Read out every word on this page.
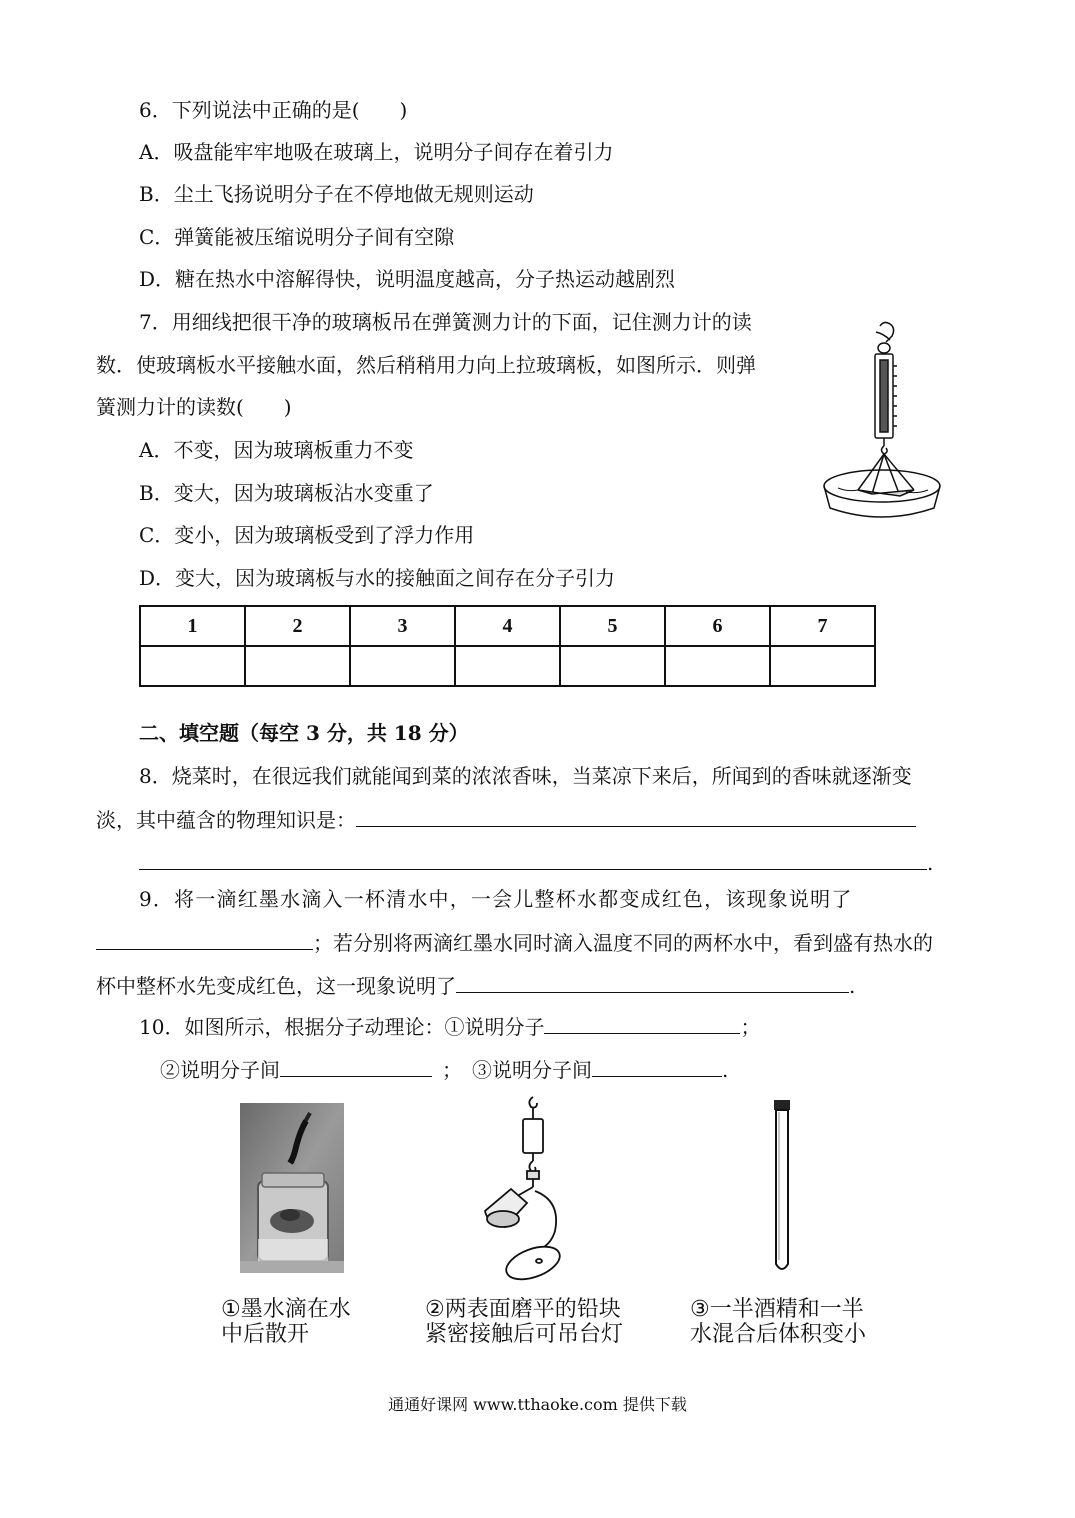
6．下列说法中正确的是(　　)
A．吸盘能牢牢地吸在玻璃上，说明分子间存在着引力
B．尘土飞扬说明分子在不停地做无规则运动
C．弹簧能被压缩说明分子间有空隙
D．糖在热水中溶解得快，说明温度越高，分子热运动越剧烈
7．用细线把很干净的玻璃板吊在弹簧测力计的下面，记住测力计的读
数．使玻璃板水平接触水面，然后稍稍用力向上拉玻璃板，如图所示．则弹
簧测力计的读数(　　)
A．不变，因为玻璃板重力不变
B．变大，因为玻璃板沾水变重了
C．变小，因为玻璃板受到了浮力作用
D．变大，因为玻璃板与水的接触面之间存在分子引力
1	2	3	4	5	6	7

二、填空题（每空 3 分，共 18 分）
8．烧菜时，在很远我们就能闻到菜的浓浓香味，当菜凉下来后，所闻到的香味就逐渐变
淡，其中蕴含的物理知识是：
.
9．将一滴红墨水滴入一杯清水中，一会儿整杯水都变成红色，该现象说明了
；若分别将两滴红墨水同时滴入温度不同的两杯水中，看到盛有热水的
杯中整杯水先变成红色，这一现象说明了	.
10．如图所示，根据分子动理论：①说明分子	；
②说明分子间	； ③说明分子间	.
①墨水滴在水
中后散开
②两表面磨平的铅块
紧密接触后可吊台灯
③一半酒精和一半
水混合后体积变小
通通好课网 www.tthaoke.com 提供下载
